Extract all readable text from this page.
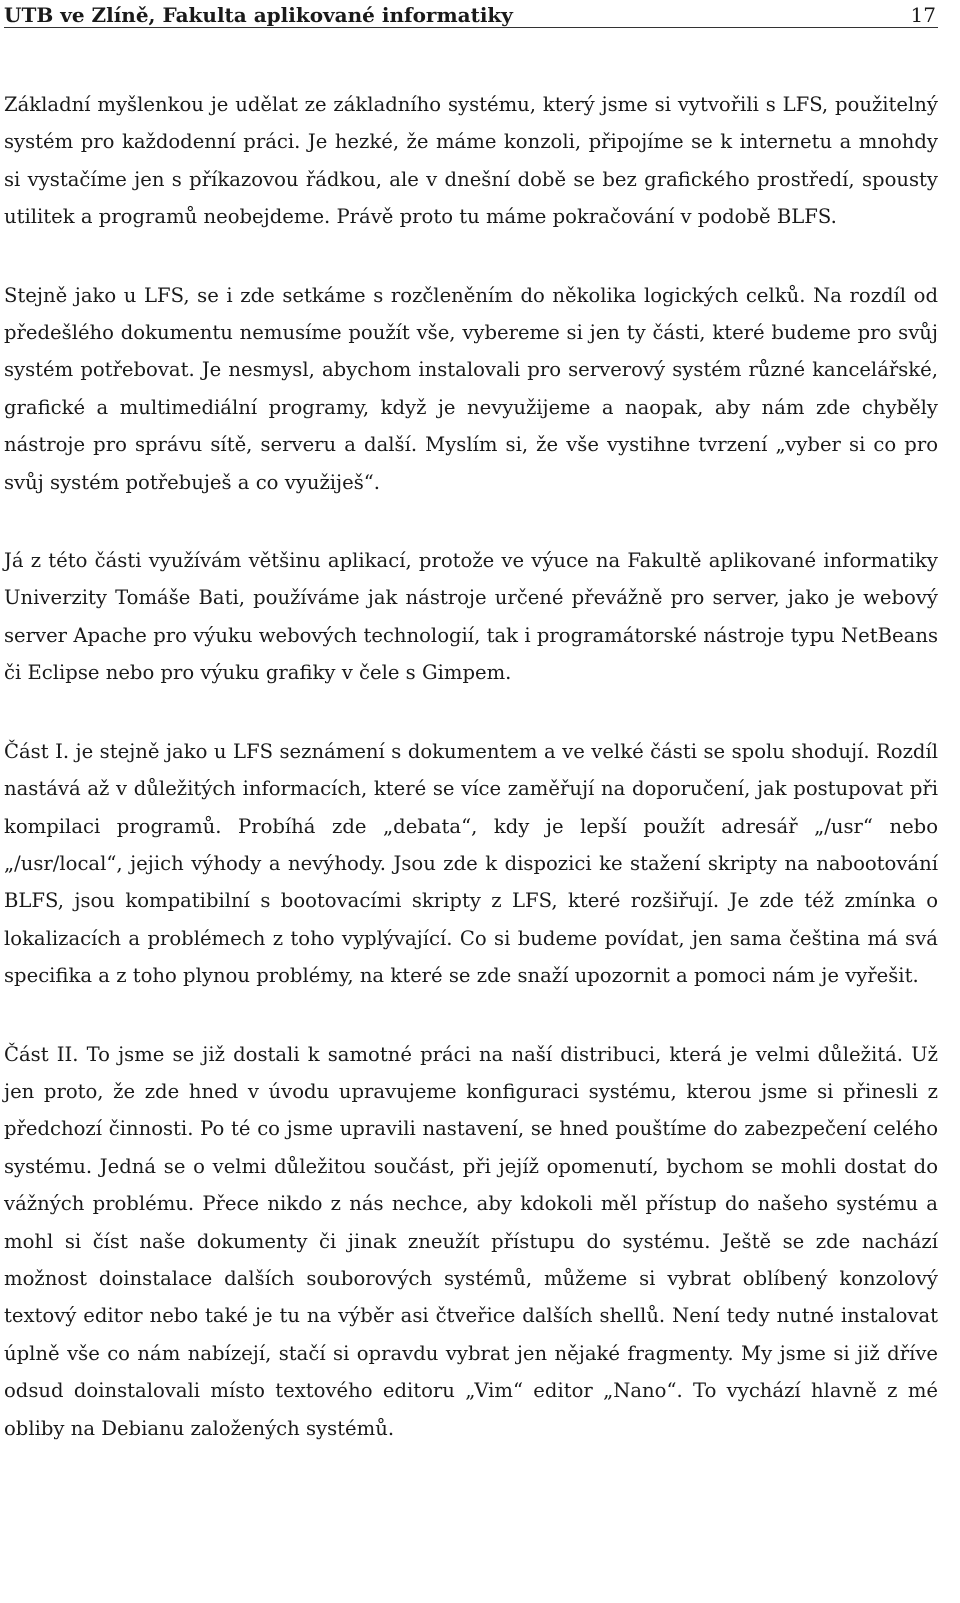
UTB ve Zlíně, Fakulta aplikované informatiky	17

Základní myšlenkou je udělat ze základního systému, který jsme si vytvořili s LFS, použitelný systém pro každodenní práci. Je hezké, že máme konzoli, připojíme se k internetu a mnohdy si vystačíme jen s příkazovou řádkou, ale v dnešní době se bez grafického prostředí, spousty utilitek a programů neobejdeme. Právě proto tu máme pokračování v podobě BLFS.

Stejně jako u LFS, se i zde setkáme s rozčleněním do několika logických celků. Na rozdíl od předešlého dokumentu nemusíme použít vše, vybereme si jen ty části, které budeme pro svůj systém potřebovat. Je nesmysl, abychom instalovali pro serverový systém různé kancelářské, grafické a multimediální programy, když je nevyužijeme a naopak, aby nám zde chyběly nástroje pro správu sítě, serveru a další. Myslím si, že vše vystihne tvrzení „vyber si co pro svůj systém potřebuješ a co využiješ“.

Já z této části využívám většinu aplikací, protože ve výuce na Fakultě aplikované informatiky Univerzity Tomáše Bati, používáme jak nástroje určené převážně pro server, jako je webový server Apache pro výuku webových technologií, tak i programátorské nástroje typu NetBeans či Eclipse nebo pro výuku grafiky v čele s Gimpem.

Část I. je stejně jako u LFS seznámení s dokumentem a ve velké části se spolu shodují. Rozdíl nastává až v důležitých informacích, které se více zaměřují na doporučení, jak postupovat při kompilaci programů. Probíhá zde „debata“, kdy je lepší použít adresář „/usr“ nebo „/usr/local“, jejich výhody a nevýhody. Jsou zde k dispozici ke stažení skripty na nabootování BLFS, jsou kompatibilní s bootovacími skripty z LFS, které rozšiřují. Je zde též zmínka o lokalizacích a problémech z toho vyplývající. Co si budeme povídat, jen sama čeština má svá specifika a z toho plynou problémy, na které se zde snaží upozornit a pomoci nám je vyřešit.

Část II. To jsme se již dostali k samotné práci na naší distribuci, která je velmi důležitá. Už jen proto, že zde hned v úvodu upravujeme konfiguraci systému, kterou jsme si přinesli z předchozí činnosti. Po té co jsme upravili nastavení, se hned pouštíme do zabezpečení celého systému. Jedná se o velmi důležitou součást, při jejíž opomenutí, bychom se mohli dostat do vážných problému. Přece nikdo z nás nechce, aby kdokoli měl přístup do našeho systému a mohl si číst naše dokumenty či jinak zneužít přístupu do systému. Ještě se zde nachází možnost doinstalace dalších souborových systémů, můžeme si vybrat oblíbený konzolový textový editor nebo také je tu na výběr asi čtveřice dalších shellů. Není tedy nutné instalovat úplně vše co nám nabízejí, stačí si opravdu vybrat jen nějaké fragmenty. My jsme si již dříve odsud doinstalovali místo textového editoru „Vim“ editor „Nano“. To vychází hlavně z mé obliby na Debianu založených systémů.
